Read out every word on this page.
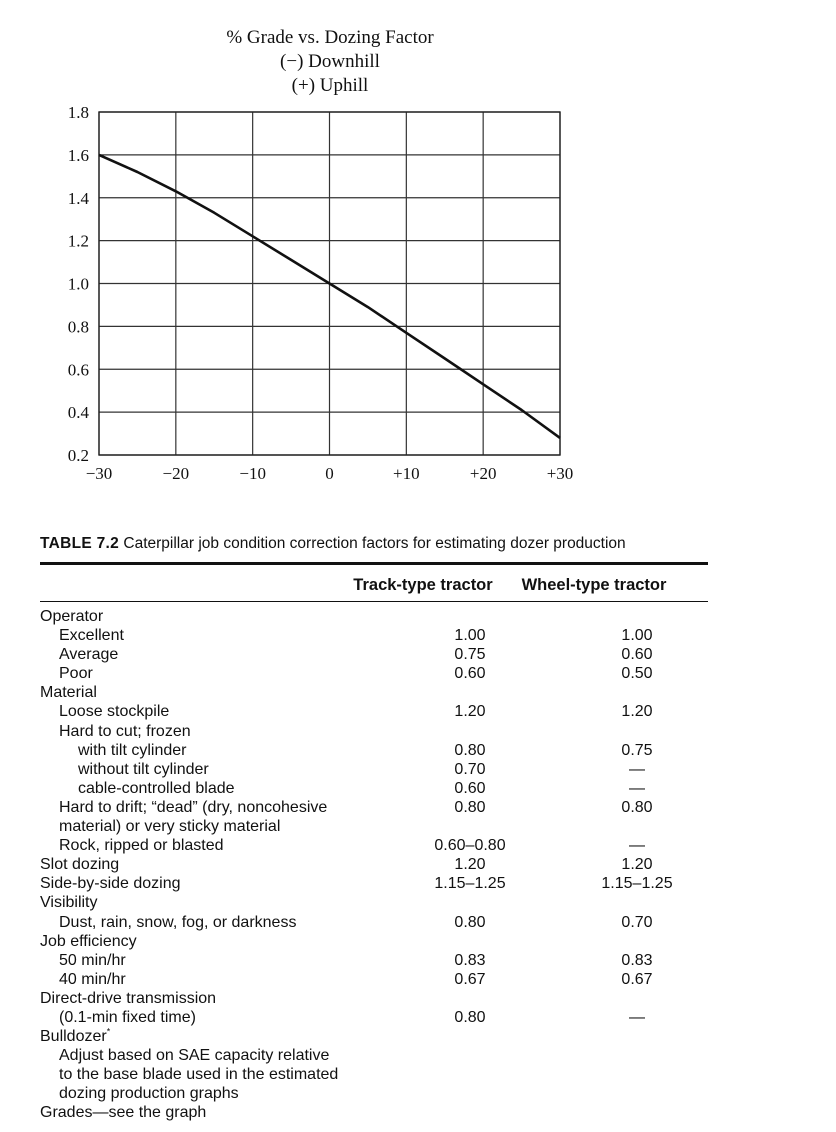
% Grade vs. Dozing Factor
(−) Downhill
(+) Uphill
0.2
0.4
0.6
0.8
1.0
1.2
1.4
1.6
1.8
−30	−20	−10	0	+10	+20	+30
TABLE 7.2 Caterpillar job condition correction factors for estimating dozer production
Track-type tractor	Wheel-type tractor
Operator
Excellent	1.00	1.00
Average	0.75	0.60
Poor	0.60	0.50
Material
Loose stockpile	1.20	1.20
Hard to cut; frozen
with tilt cylinder	0.80	0.75
without tilt cylinder	0.70	—
cable-controlled blade	0.60	—
Hard to drift; “dead” (dry, noncohesive	0.80	0.80
material) or very sticky material
Rock, ripped or blasted	0.60–0.80	—
Slot dozing	1.20	1.20
Side-by-side dozing	1.15–1.25	1.15–1.25
Visibility
Dust, rain, snow, fog, or darkness	0.80	0.70
Job efficiency
50 min/hr	0.83	0.83
40 min/hr	0.67	0.67
Direct-drive transmission
(0.1-min fixed time)	0.80	—
Bulldozer*
Adjust based on SAE capacity relative
to the base blade used in the estimated
dozing production graphs
Grades—see the graph
